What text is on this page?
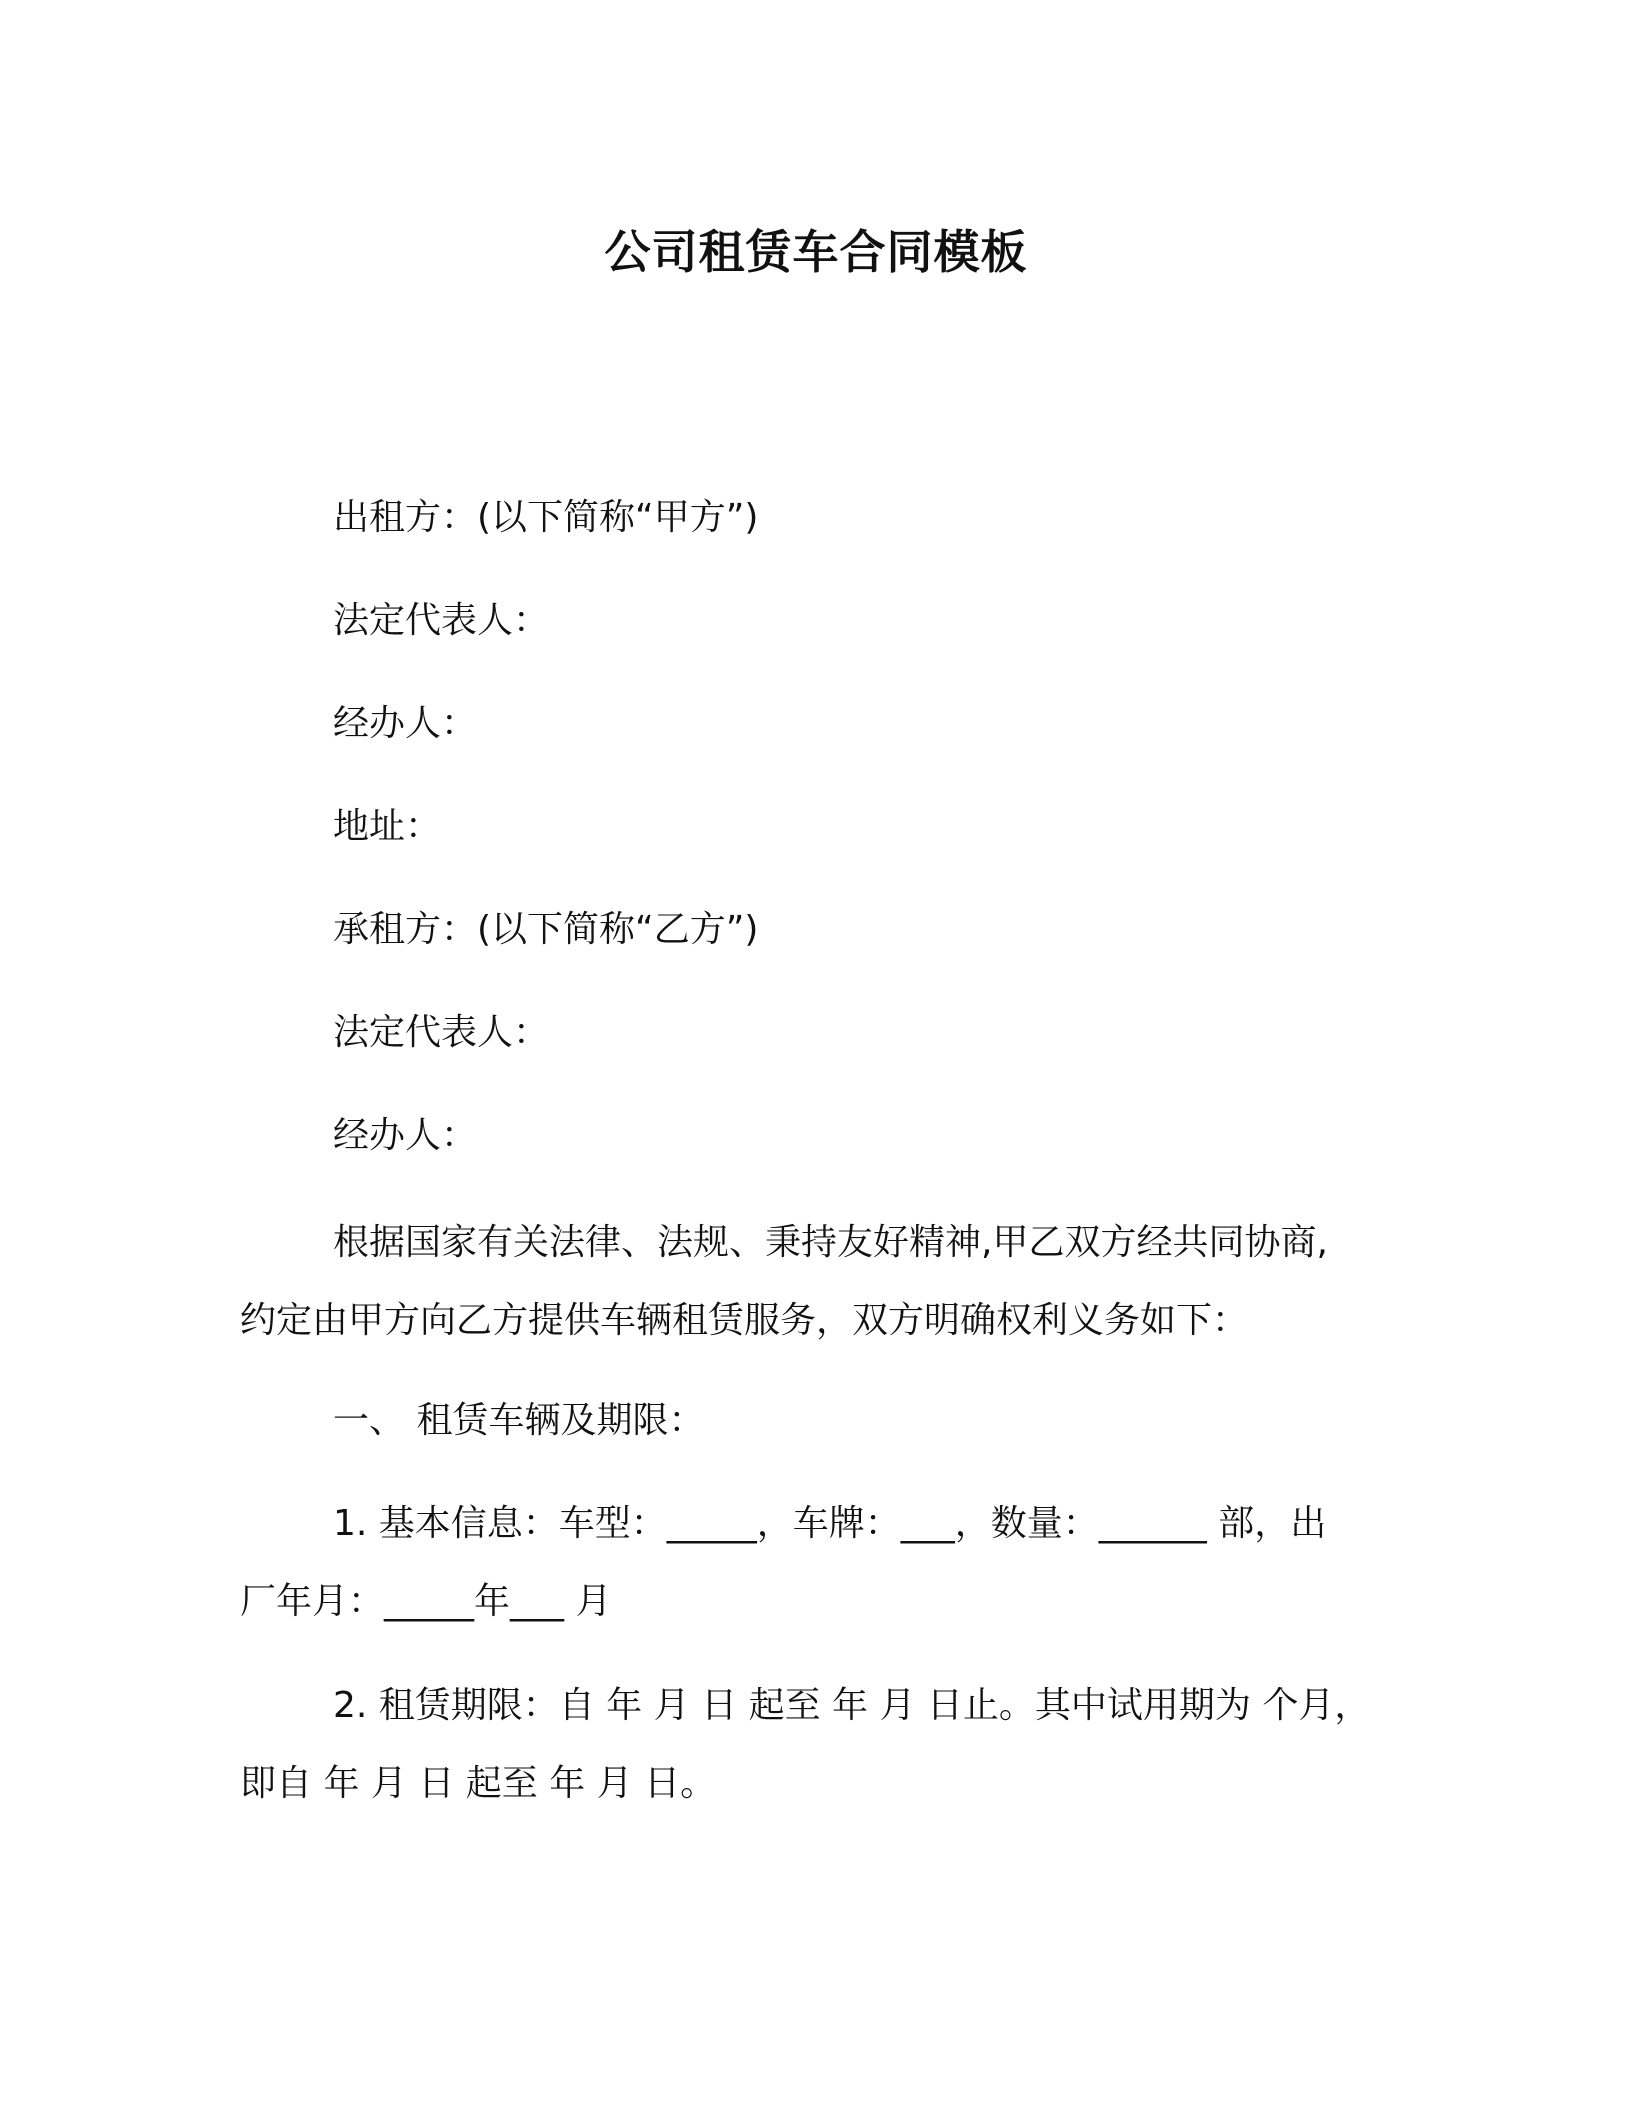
公司租赁车合同模板
出租方：(以下简称“甲方”)
法定代表人：
经办人：
地址：
承租方：(以下简称“乙方”)
法定代表人：
经办人：
根据国家有关法律、法规、秉持友好精神,甲乙双方经共同协商,
约定由甲方向乙方提供车辆租赁服务，双方明确权利义务如下：
一、 租赁车辆及期限：
1. 基本信息：车型：_____，车牌：___，数量：______ 部，出
厂年月：_____年___ 月
2. 租赁期限：自 年 月 日 起至 年 月 日止。其中试用期为 个月，
即自 年 月 日 起至 年 月 日。
